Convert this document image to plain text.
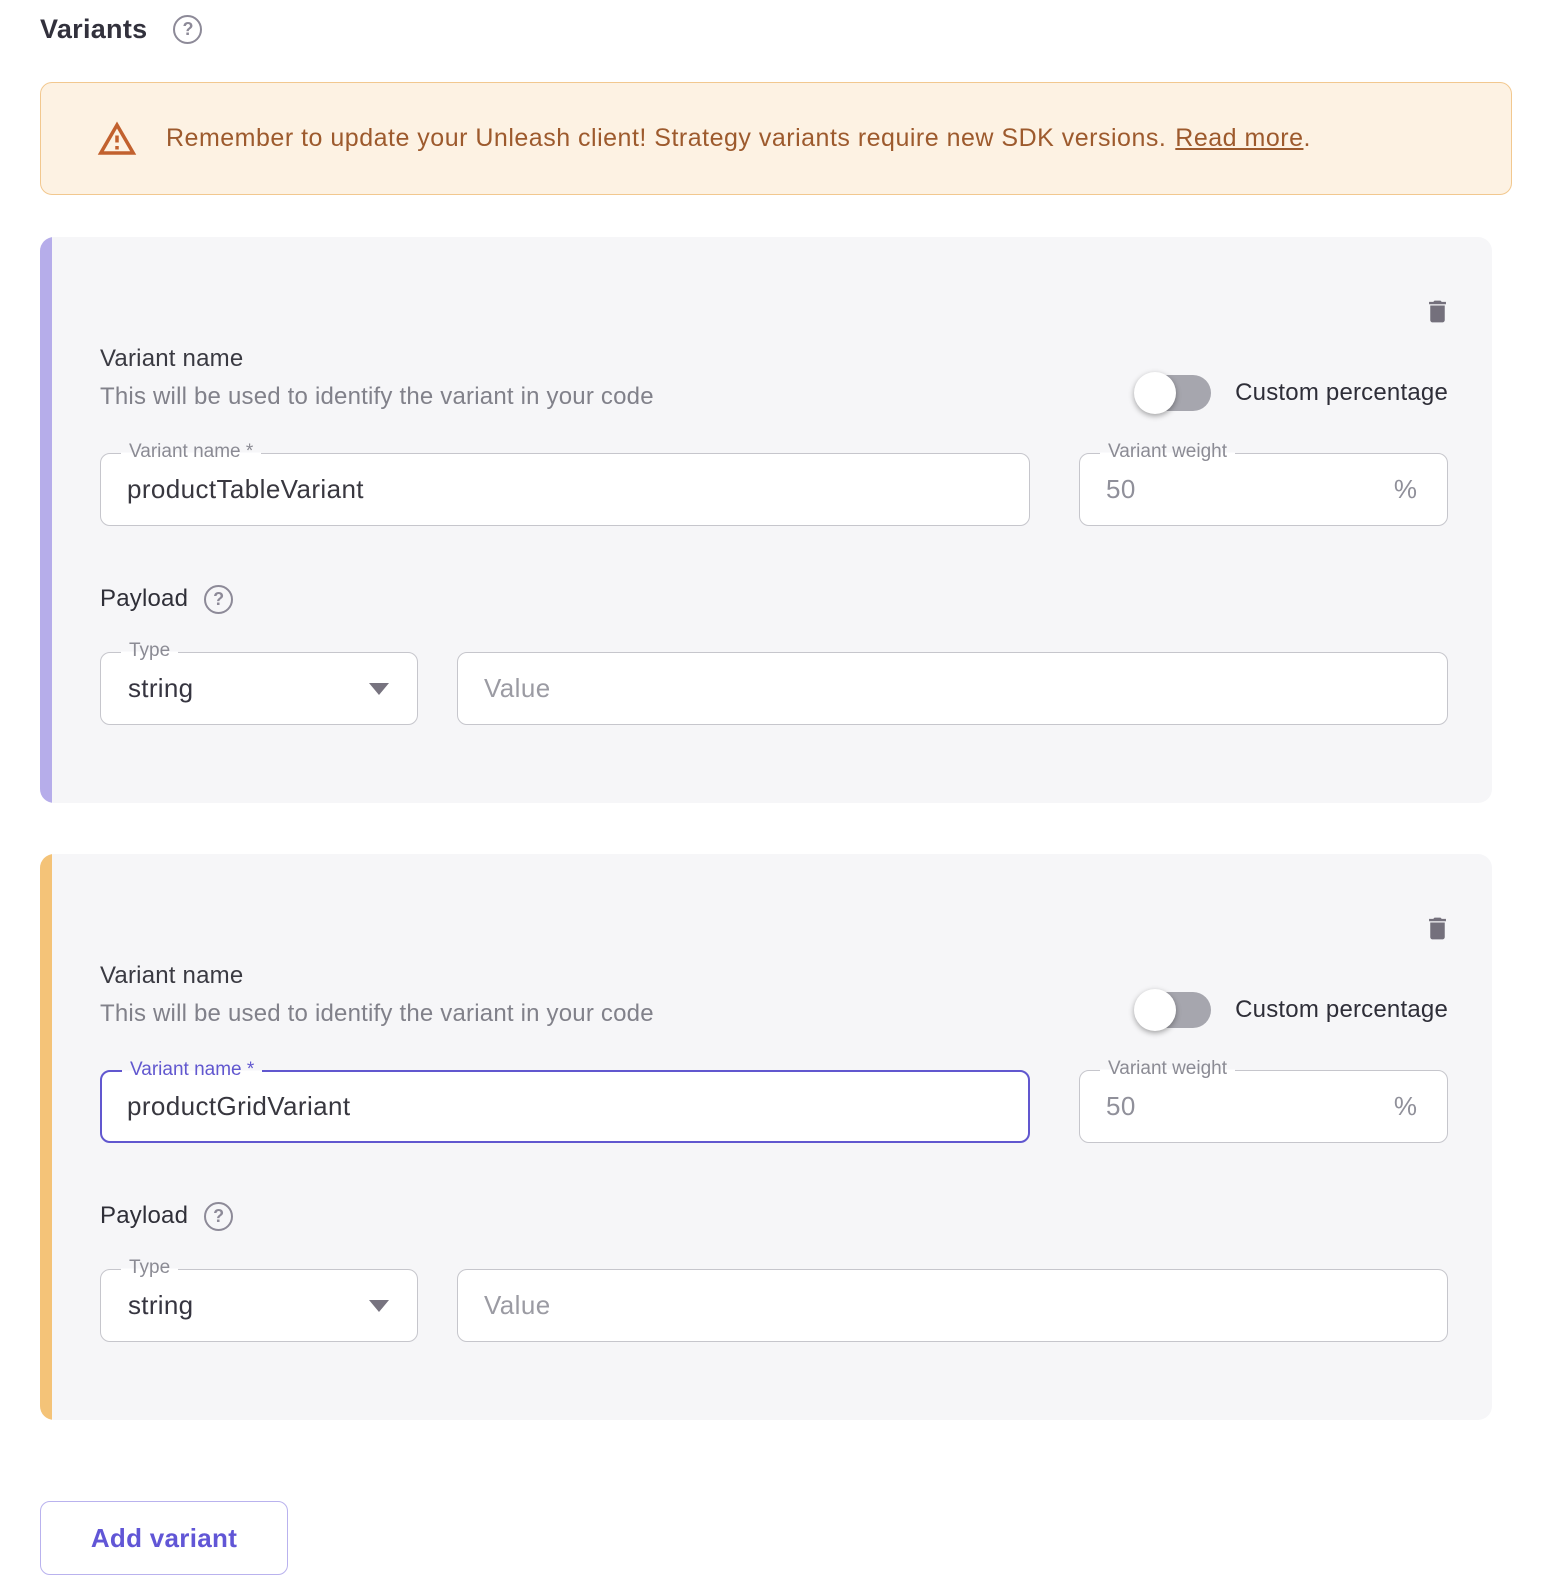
Variants	?
Remember to update your Unleash client! Strategy variants require new SDK versions. Read more.
Variant name
This will be used to identify the variant in your code	Custom percentage
Variant name *
productTableVariant	Variant weight
50
%
Payload	?
Type
string
Value
Variant name
This will be used to identify the variant in your code	Custom percentage
Variant name *
productGridVariant	Variant weight
50
%
Payload	?
Type
string
Value
Add variant
